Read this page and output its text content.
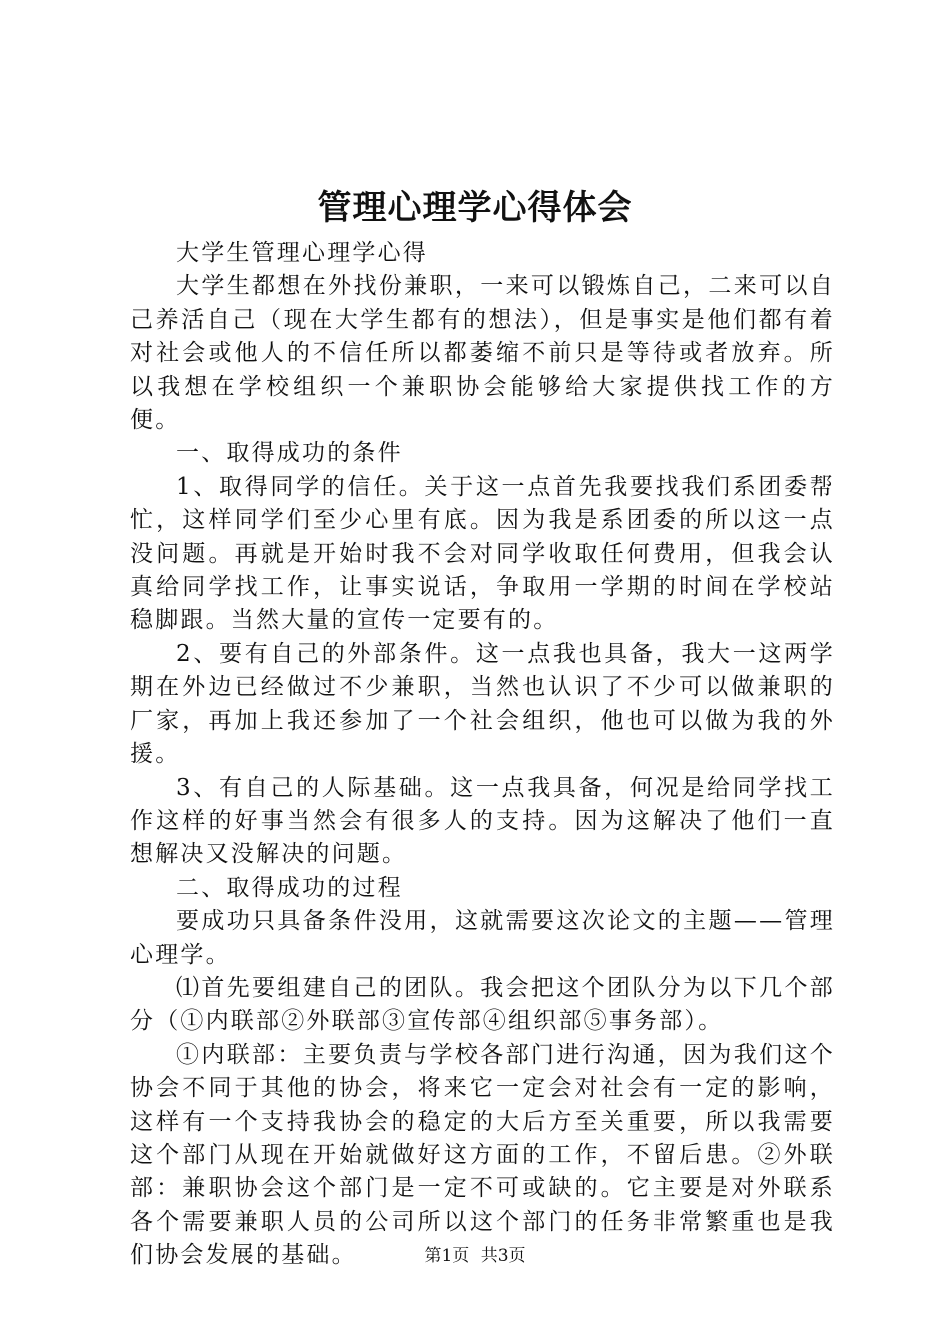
管理心理学心得体会

大学生管理心理学心得

大学生都想在外找份兼职，一来可以锻炼自己，二来可以自己养活自己（现在大学生都有的想法），但是事实是他们都有着对社会或他人的不信任所以都萎缩不前只是等待或者放弃。所以我想在学校组织一个兼职协会能够给大家提供找工作的方便。

一、取得成功的条件

1、取得同学的信任。关于这一点首先我要找我们系团委帮忙，这样同学们至少心里有底。因为我是系团委的所以这一点没问题。再就是开始时我不会对同学收取任何费用，但我会认真给同学找工作，让事实说话，争取用一学期的时间在学校站稳脚跟。当然大量的宣传一定要有的。

2、要有自己的外部条件。这一点我也具备，我大一这两学期在外边已经做过不少兼职，当然也认识了不少可以做兼职的厂家，再加上我还参加了一个社会组织，他也可以做为我的外援。

3、有自己的人际基础。这一点我具备，何况是给同学找工作这样的好事当然会有很多人的支持。因为这解决了他们一直想解决又没解决的问题。

二、取得成功的过程

要成功只具备条件没用，这就需要这次论文的主题——管理心理学。

⑴首先要组建自己的团队。我会把这个团队分为以下几个部分（①内联部②外联部③宣传部④组织部⑤事务部）。

①内联部：主要负责与学校各部门进行沟通，因为我们这个协会不同于其他的协会，将来它一定会对社会有一定的影响，这样有一个支持我协会的稳定的大后方至关重要，所以我需要这个部门从现在开始就做好这方面的工作，不留后患。②外联部：兼职协会这个部门是一定不可或缺的。它主要是对外联系各个需要兼职人员的公司所以这个部门的任务非常繁重也是我们协会发展的基础。	第1页 共3页
